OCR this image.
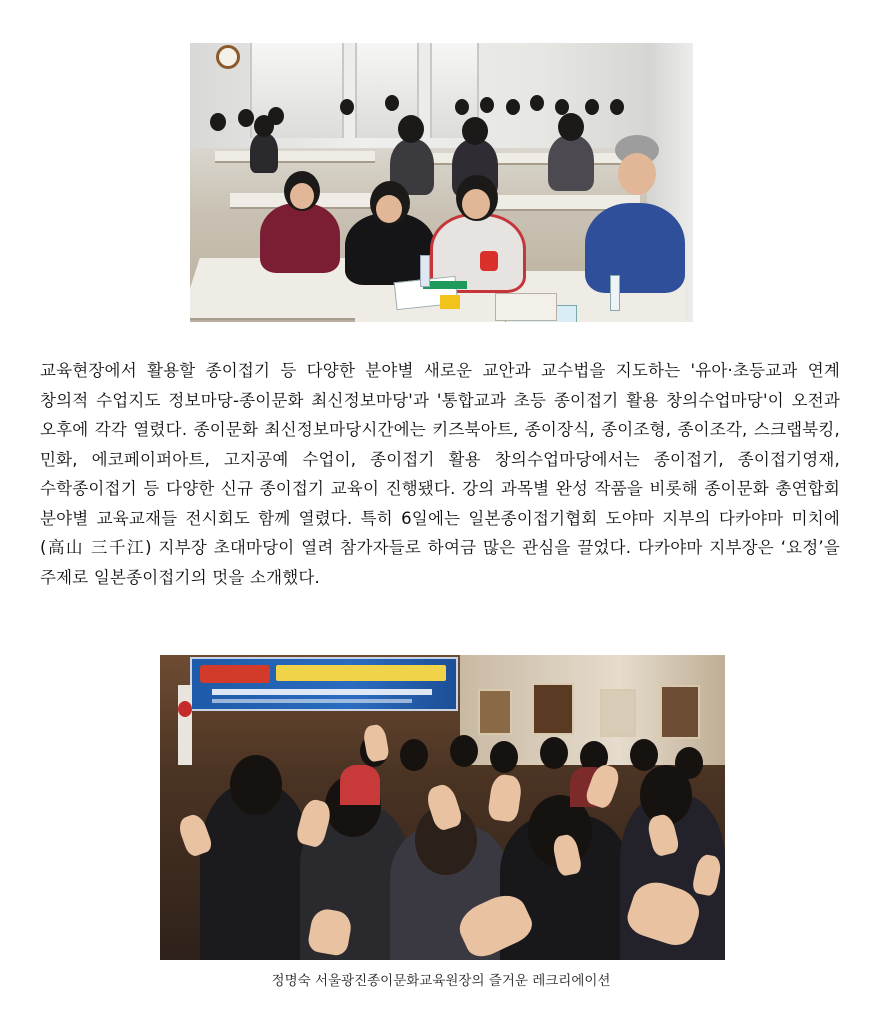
교육현장에서 활용할 종이접기 등 다양한 분야별 새로운 교안과 교수법을 지도하는 '유아·초등교과 연계 창의적 수업지도 정보마당-종이문화 최신정보마당'과 '통합교과 초등 종이접기 활용 창의수업마당'이 오전과 오후에 각각 열렸다. 종이문화 최신정보마당시간에는 키즈북아트, 종이장식, 종이조형, 종이조각, 스크랩북킹, 민화, 에코페이퍼아트, 고지공예 수업이, 종이접기 활용 창의수업마당에서는 종이접기, 종이접기영재, 수학종이접기 등 다양한 신규 종이접기 교육이 진행됐다. 강의 과목별 완성 작품을 비롯해 종이문화 총연합회 분야별 교육교재들 전시회도 함께 열렸다. 특히 6일에는 일본종이접기협회 도야마 지부의 다카야마 미치에(高山 三千江) 지부장 초대마당이 열려 참가자들로 하여금 많은 관심을 끌었다. 다카야마 지부장은 ‘요정’을 주제로 일본종이접기의 멋을 소개했다.

정명숙 서울광진종이문화교육원장의 즐거운 레크리에이션
